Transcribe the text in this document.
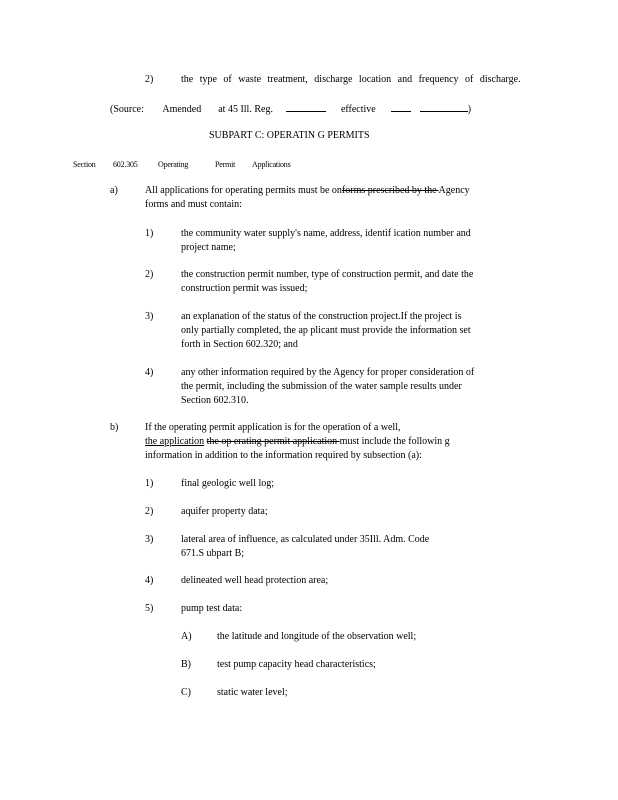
2)	the type of waste treatment, discharge location and frequency of discharge.
(Source: Amended at 45 Ill. Reg.	effective	)
SUBPART C: OPERATIN G PERMITS
Section 602.305	Operating	Permit Applications
a)	All applications for operating permits must be onforms prescribed by the Agency
forms and must contain:
1)	the community water supply's name, address, identif ication number and
project name;
2)	the construction permit number, type of construction permit, and date the
construction permit was issued;
3)	an explanation of the status of the construction project.If the project is
only partially completed, the ap plicant must provide the information set
forth in Section 602.320; and
4)	any other information required by the Agency for proper consideration of
the permit, including the submission of the water sample results under
Section 602.310.
b)	If the operating permit application is for the operation of a well,
the application the op erating permit application must include the followin g
information in addition to the information required by subsection (a):
1)	final geologic well log;
2)	aquifer property data;
3)	lateral area of influence, as calculated under 35Ill. Adm. Code
671.S ubpart B;
4)	delineated well head protection area;
5)	pump test data:
A)	the latitude and longitude of the observation well;
B)	test pump capacity head characteristics;
C)	static water level;
